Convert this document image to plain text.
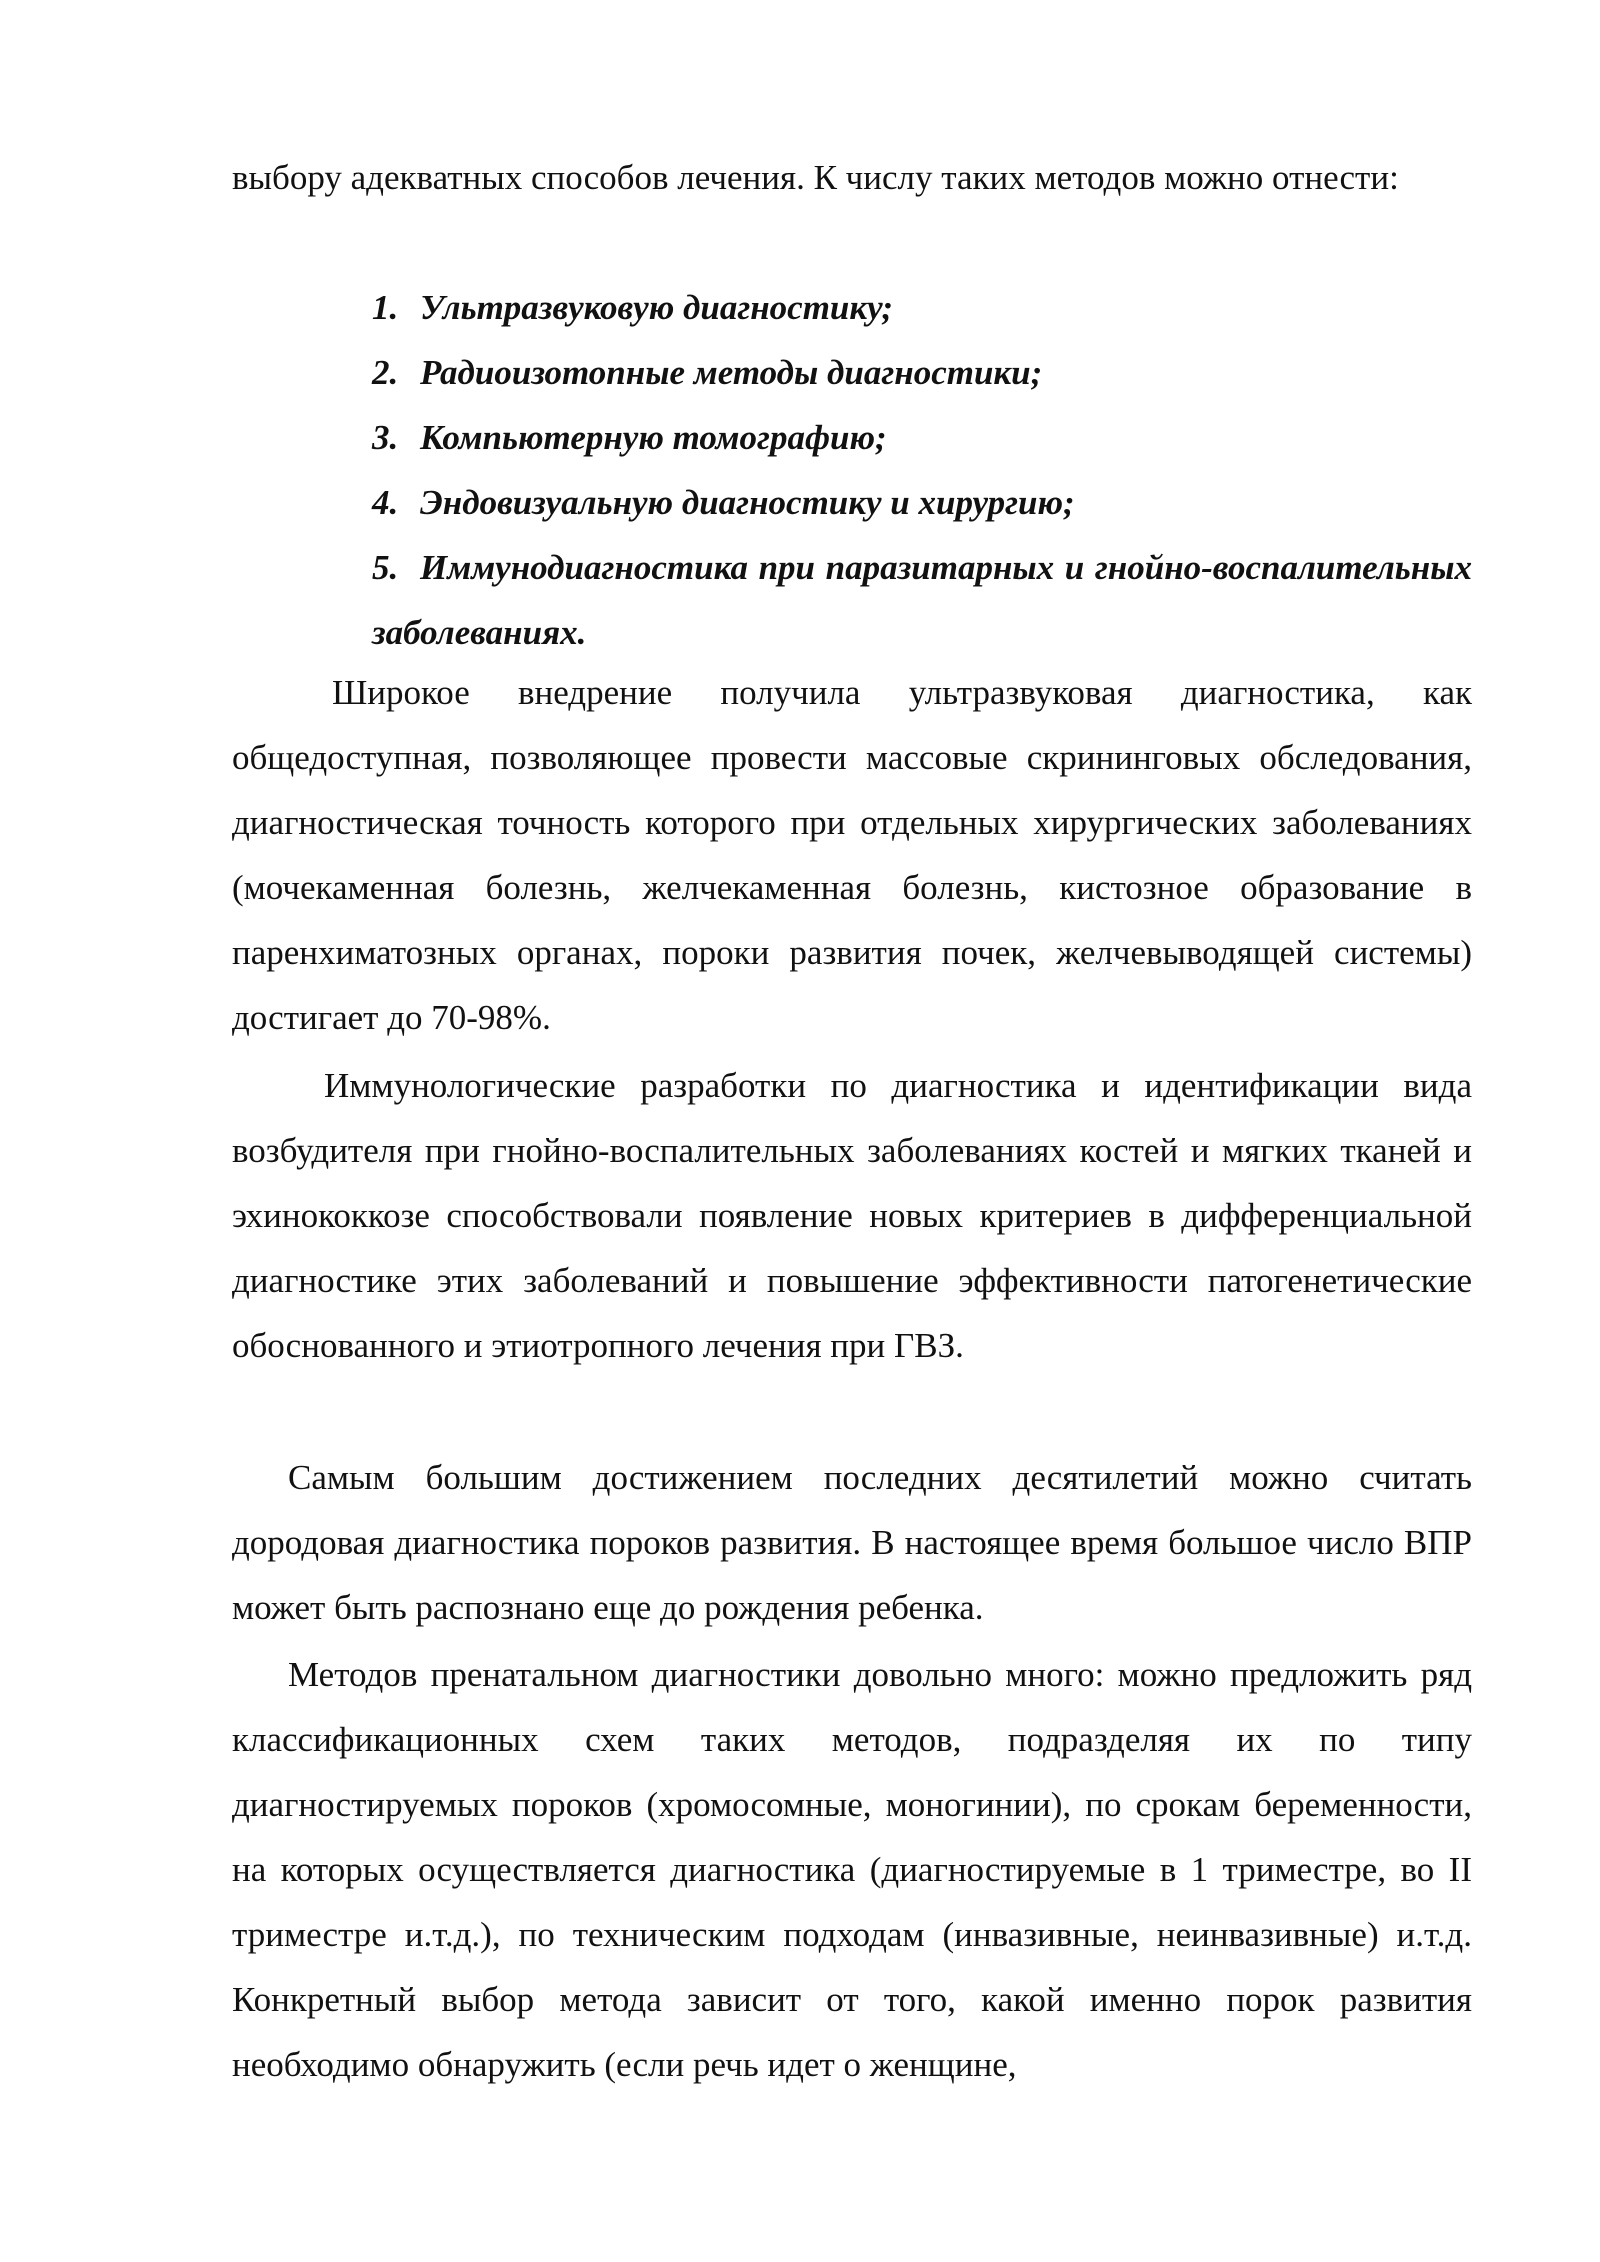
выбору адекватных способов лечения. К числу таких методов можно отнести:

1. Ультразвуковую диагностику;
2. Радиоизотопные методы диагностики;
3. Компьютерную томографию;
4. Эндовизуальную диагностику и хирургию;
5. Иммунодиагностика при паразитарных и гнойно-воспалительных заболеваниях.

Широкое внедрение получила ультразвуковая диагностика, как общедоступная, позволяющее провести массовые скрининговых обследования, диагностическая точность которого при отдельных хирургических заболеваниях (мочекаменная болезнь, желчекаменная болезнь, кистозное образование в паренхиматозных органах, пороки развития почек, желчевыводящей системы) достигает до 70-98%.

Иммунологические разработки по диагностика и идентификации вида возбудителя при гнойно-воспалительных заболеваниях костей и мягких тканей и эхинококкозе способствовали появление новых критериев в дифференциальной диагностике этих заболеваний и повышение эффективности патогенетические обоснованного и этиотропного лечения при ГВЗ.

Самым большим достижением последних десятилетий можно считать дородовая диагностика пороков развития. В настоящее время большое число ВПР может быть распознано еще до рождения ребенка.

Методов пренатальном диагностики довольно много: можно предложить ряд классификационных схем таких методов, подразделяя их по типу диагностируемых пороков (хромосомные, моногинии), по срокам беременности, на которых осуществляется диагностика (диагностируемые в 1 триместре, во II триместре и.т.д.), по техническим подходам (инвазивные, неинвазивные) и.т.д. Конкретный выбор метода зависит от того, какой именно порок развития необходимо обнаружить (если речь идет о женщине,
